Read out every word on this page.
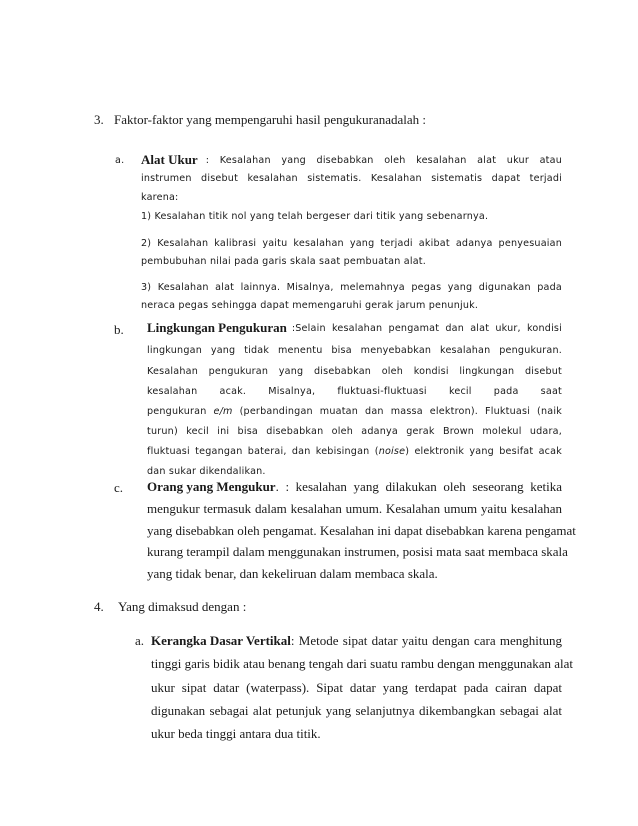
3. Faktor-faktor yang mempengaruhi hasil pengukuranadalah :
a. Alat Ukur : Kesalahan yang disebabkan oleh kesalahan alat ukur atau
instrumen disebut kesalahan sistematis. Kesalahan sistematis dapat terjadi
karena:
1) Kesalahan titik nol yang telah bergeser dari titik yang sebenarnya.
2) Kesalahan kalibrasi yaitu kesalahan yang terjadi akibat adanya penyesuaian
pembubuhan nilai pada garis skala saat pembuatan alat.
3) Kesalahan alat lainnya. Misalnya, melemahnya pegas yang digunakan pada
neraca pegas sehingga dapat memengaruhi gerak jarum penunjuk.
b. Lingkungan Pengukuran :Selain kesalahan pengamat dan alat ukur, kondisi
lingkungan yang tidak menentu bisa menyebabkan kesalahan pengukuran.
Kesalahan pengukuran yang disebabkan oleh kondisi lingkungan disebut
kesalahan acak. Misalnya, fluktuasi-fluktuasi kecil pada saat
pengukuran e/m (perbandingan muatan dan massa elektron). Fluktuasi (naik
turun) kecil ini bisa disebabkan oleh adanya gerak Brown molekul udara,
fluktuasi tegangan baterai, dan kebisingan (noise) elektronik yang besifat acak
dan sukar dikendalikan.
c. Orang yang Mengukur . : kesalahan yang dilakukan oleh seseorang ketika
mengukur termasuk dalam kesalahan umum. Kesalahan umum yaitu kesalahan
yang disebabkan oleh pengamat. Kesalahan ini dapat disebabkan karena pengamat
kurang terampil dalam menggunakan instrumen, posisi mata saat membaca skala
yang tidak benar, dan kekeliruan dalam membaca skala.
4. Yang dimaksud dengan :
a. Kerangka Dasar Vertikal : Metode sipat datar yaitu dengan cara menghitung
tinggi garis bidik atau benang tengah dari suatu rambu dengan menggunakan alat
ukur sipat datar (waterpass). Sipat datar yang terdapat pada cairan dapat
digunakan sebagai alat petunjuk yang selanjutnya dikembangkan sebagai alat
ukur beda tinggi antara dua titik.
